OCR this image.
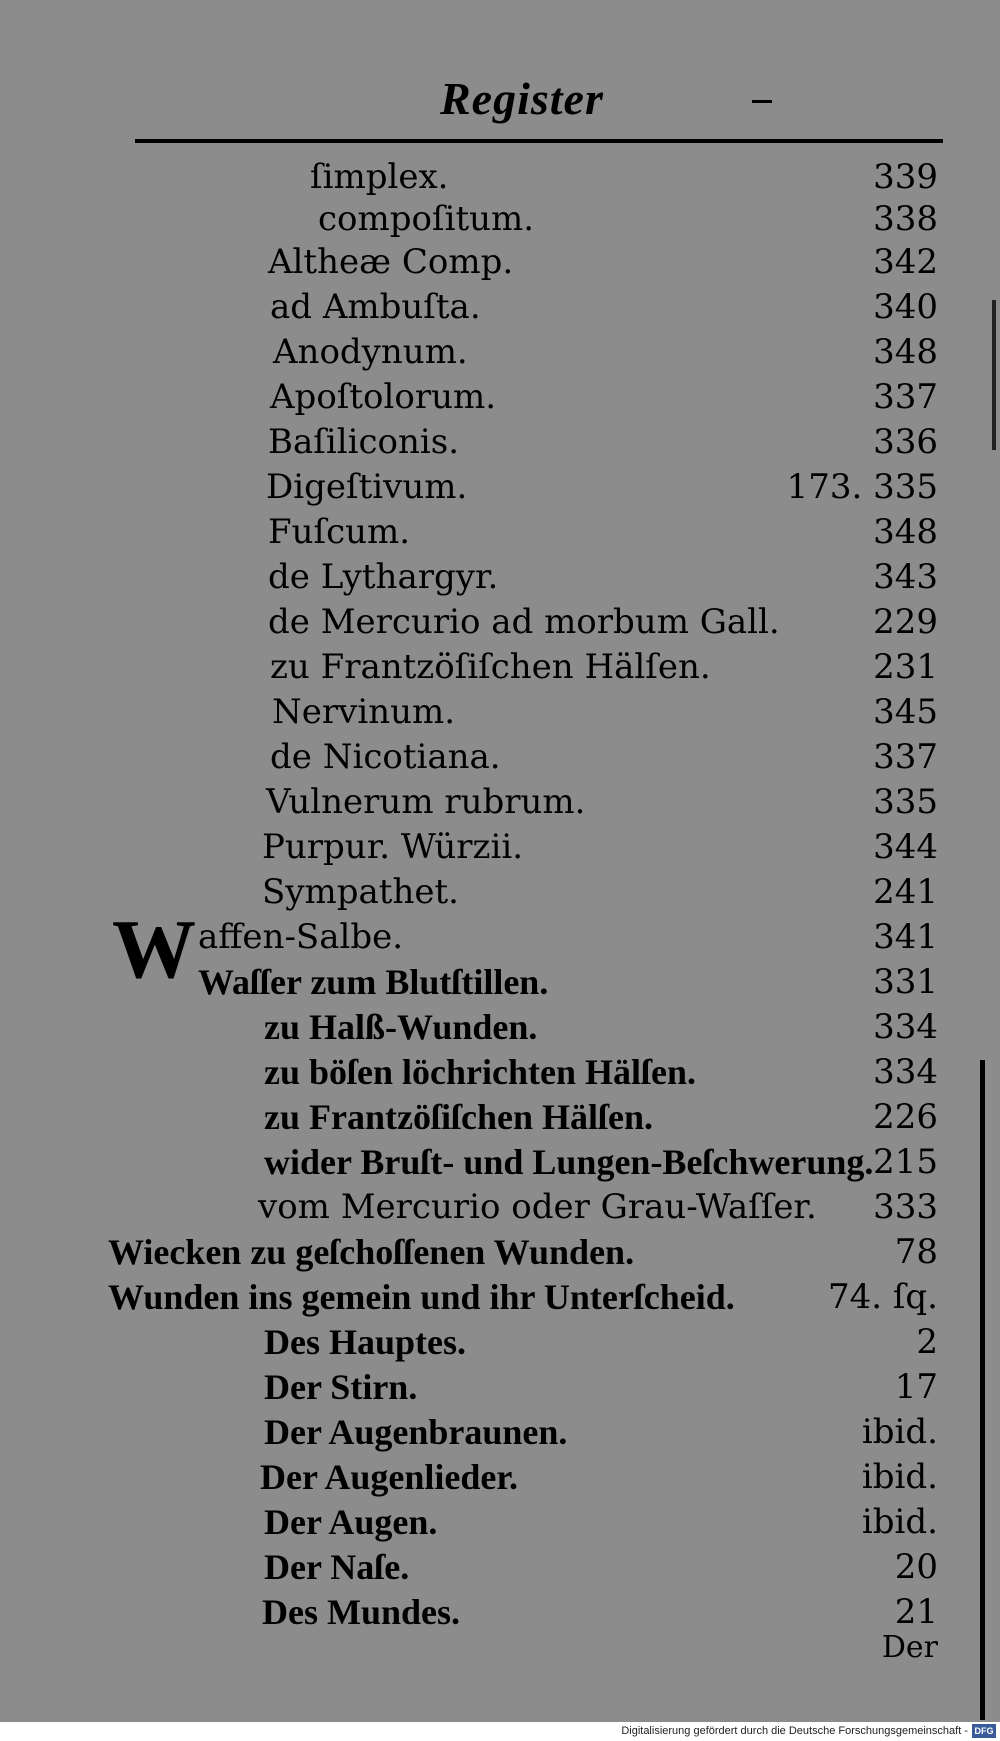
Register
ſimplex.	339
compoſitum.	338
Altheæ Comp.	342
ad Ambuſta.	340
Anodynum.	348
Apoſtolorum.	337
Baſiliconis.	336
Digeſtivum.	173. 335
Fuſcum.	348
de Lythargyr.	343
de Mercurio ad morbum Gall.	229
zu Frantzöſiſchen Hälſen.	231
Nervinum.	345
de Nicotiana.	337
Vulnerum rubrum.	335
Purpur. Würzii.	344
Sympathet.	241
affen-Salbe.	341
Waſſer zum Blutſtillen.	331
zu Halß-Wunden.	334
zu böſen löchrichten Hälſen.	334
zu Frantzöſiſchen Hälſen.	226
wider Bruſt- und Lungen-Beſchwerung. 215
vom Mercurio oder Grau-Waſſer. 333
Wiecken zu geſchoſſenen Wunden.	78
Wunden ins gemein und ihr Unterſcheid.	74. ſq.
Des Hauptes.	2
Der Stirn.	17
Der Augenbraunen.	ibid.
Der Augenlieder.	ibid.
Der Augen.	ibid.
Der Naſe.	20
Des Mundes.	21
W
Der
Digitalisierung gefördert durch die Deutsche Forschungsgemeinschaft - DFG
